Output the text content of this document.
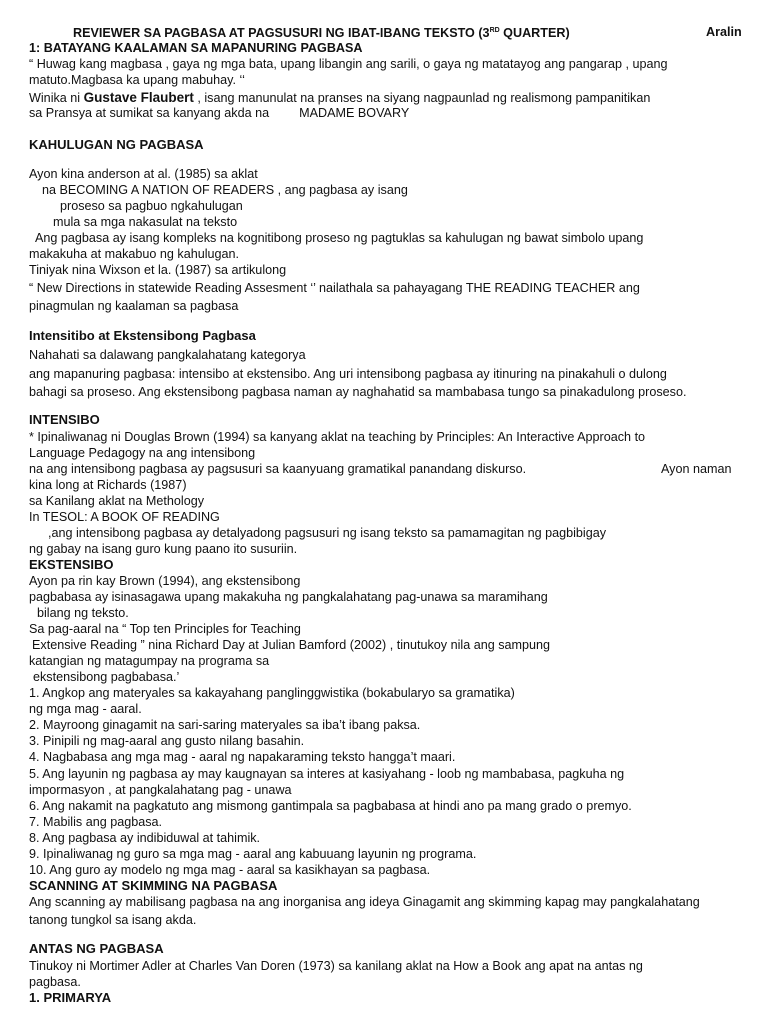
REVIEWER SA PAGBASA AT PAGSUSURI NG IBAT-IBANG TEKSTO (3RD QUARTER)	Aralin
1: BATAYANG KAALAMAN SA MAPANURING PAGBASA
“ Huwag kang magbasa , gaya ng mga bata, upang libangin ang sarili, o gaya ng matatayog ang pangarap , upang
matuto.Magbasa ka upang mabuhay. ‘‘
Winika ni Gustave Flaubert , isang manunulat na pranses na siyang nagpaunlad ng realismong pampanitikan
sa Pransya at sumikat sa kanyang akda na MADAME BOVARY
KAHULUGAN NG PAGBASA
Ayon kina anderson at al. (1985) sa aklat
na BECOMING A NATION OF READERS , ang pagbasa ay isang
proseso sa pagbuo ngkahulugan
mula sa mga nakasulat na teksto
Ang pagbasa ay isang kompleks na kognitibong proseso ng pagtuklas sa kahulugan ng bawat simbolo upang
makakuha at makabuo ng kahulugan.
Tiniyak nina Wixson et la. (1987) sa artikulong
“ New Directions in statewide Reading Assesment ‘’ nailathala sa pahayagang THE READING TEACHER ang
pinagmulan ng kaalaman sa pagbasa
Intensitibo at Ekstensibong Pagbasa
Nahahati sa dalawang pangkalahatang kategorya
ang mapanuring pagbasa: intensibo at ekstensibo. Ang uri intensibong pagbasa ay itinuring na pinakahuli o dulong
bahagi sa proseso. Ang ekstensibong pagbasa naman ay naghahatid sa mambabasa tungo sa pinakadulong proseso.
INTENSIBO
* Ipinaliwanag ni Douglas Brown (1994) sa kanyang aklat na teaching by Principles: An Interactive Approach to
Language Pedagogy na ang intensibong
na ang intensibong pagbasa ay pagsusuri sa kaanyuang gramatikal panandang diskurso.	Ayon naman
kina long at Richards (1987)
sa Kanilang aklat na Methology
In TESOL: A BOOK OF READING
,ang intensibong pagbasa ay detalyadong pagsusuri ng isang teksto sa pamamagitan ng pagbibigay
ng gabay na isang guro kung paano ito susuriin.
EKSTENSIBO
Ayon pa rin kay Brown (1994), ang ekstensibong
pagbabasa ay isinasagawa upang makakuha ng pangkalahatang pag-unawa sa maramihang
bilang ng teksto.
Sa pag-aaral na “ Top ten Principles for Teaching
Extensive Reading ” nina Richard Day at Julian Bamford (2002) , tinutukoy nila ang sampung
katangian ng matagumpay na programa sa
ekstensibong pagbabasa.’
1. Angkop ang materyales sa kakayahang panglinggwistika (bokabularyo sa gramatika)
ng mga mag - aaral.
2. Mayroong ginagamit na sari-saring materyales sa iba’t ibang paksa.
3. Pinipili ng mag-aaral ang gusto nilang basahin.
4. Nagbabasa ang mga mag - aaral ng napakaraming teksto hangga’t maari.
5. Ang layunin ng pagbasa ay may kaugnayan sa interes at kasiyahang - loob ng mambabasa, pagkuha ng
impormasyon , at pangkalahatang pag - unawa
6. Ang nakamit na pagkatuto ang mismong gantimpala sa pagbabasa at hindi ano pa mang grado o premyo.
7. Mabilis ang pagbasa.
8. Ang pagbasa ay indibiduwal at tahimik.
9. Ipinaliwanag ng guro sa mga mag - aaral ang kabuuang layunin ng programa.
10. Ang guro ay modelo ng mga mag - aaral sa kasikhayan sa pagbasa.
SCANNING AT SKIMMING NA PAGBASA
Ang scanning ay mabilisang pagbasa na ang inorganisa ang ideya Ginagamit ang skimming kapag may pangkalahatang
tanong tungkol sa isang akda.
ANTAS NG PAGBASA
Tinukoy ni Mortimer Adler at Charles Van Doren (1973) sa kanilang aklat na How a Book ang apat na antas ng
pagbasa.
1. PRIMARYA
